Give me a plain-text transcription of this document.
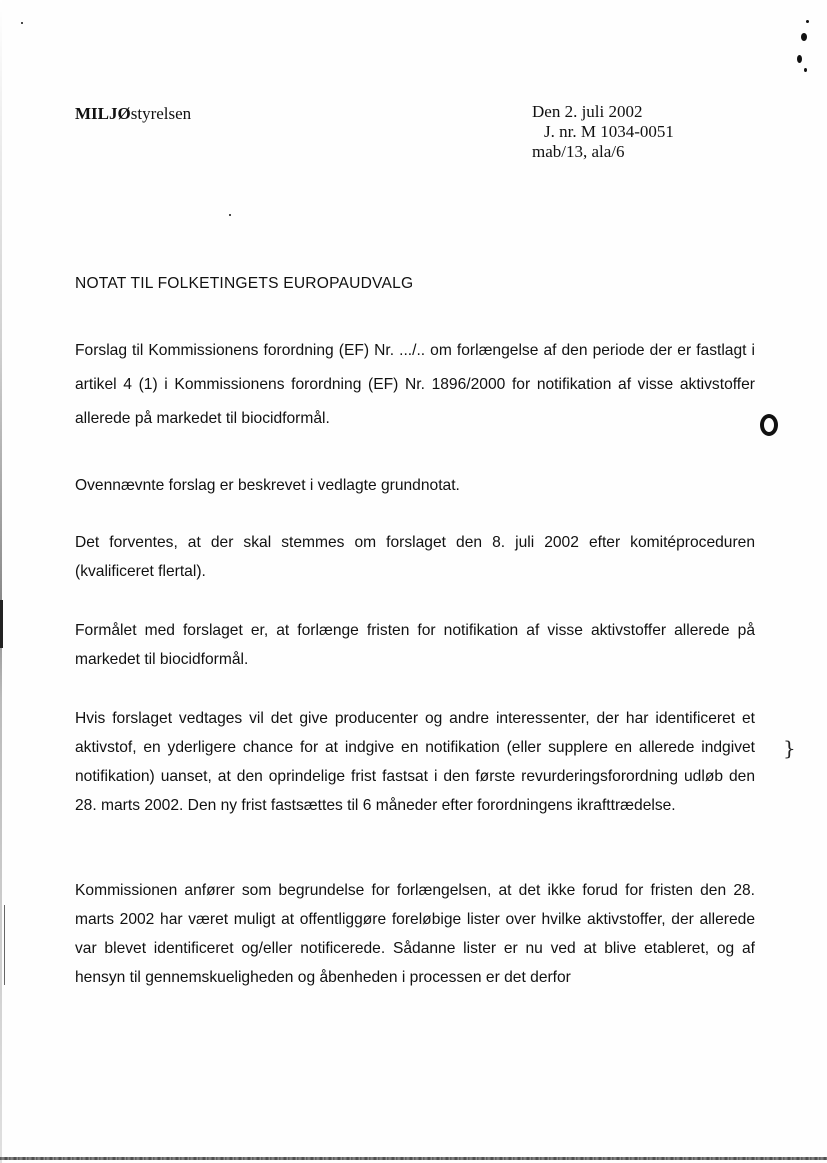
}
MILJØstyrelsen	Den 2. juli 2002
J. nr. M 1034-0051
mab/13, ala/6
NOTAT TIL FOLKETINGETS EUROPAUDVALG
Forslag til Kommissionens forordning (EF) Nr. .../.. om forlængelse af den periode der er fastlagt i artikel 4 (1) i Kommissionens forordning (EF) Nr. 1896/2000 for notifikation af visse aktivstoffer allerede på markedet til biocidformål.
Ovennævnte forslag er beskrevet i vedlagte grundnotat.
Det forventes, at der skal stemmes om forslaget den 8. juli 2002 efter komitéproceduren (kvalificeret flertal).
Formålet med forslaget er, at forlænge fristen for notifikation af visse aktivstoffer allerede på markedet til biocidformål.
Hvis forslaget vedtages vil det give producenter og andre interessenter, der har identificeret et aktivstof, en yderligere chance for at indgive en notifikation (eller supplere en allerede indgivet notifikation) uanset, at den oprindelige frist fastsat i den første revurderingsforordning udløb den 28. marts 2002. Den ny frist fastsættes til 6 måneder efter forordningens ikrafttrædelse.
Kommissionen anfører som begrundelse for forlængelsen, at det ikke forud for fristen den 28. marts 2002 har været muligt at offentliggøre foreløbige lister over hvilke aktivstoffer, der allerede var blevet identificeret og/eller notificerede. Sådanne lister er nu ved at blive etableret, og af hensyn til gennemskueligheden og åbenheden i processen er det derfor
